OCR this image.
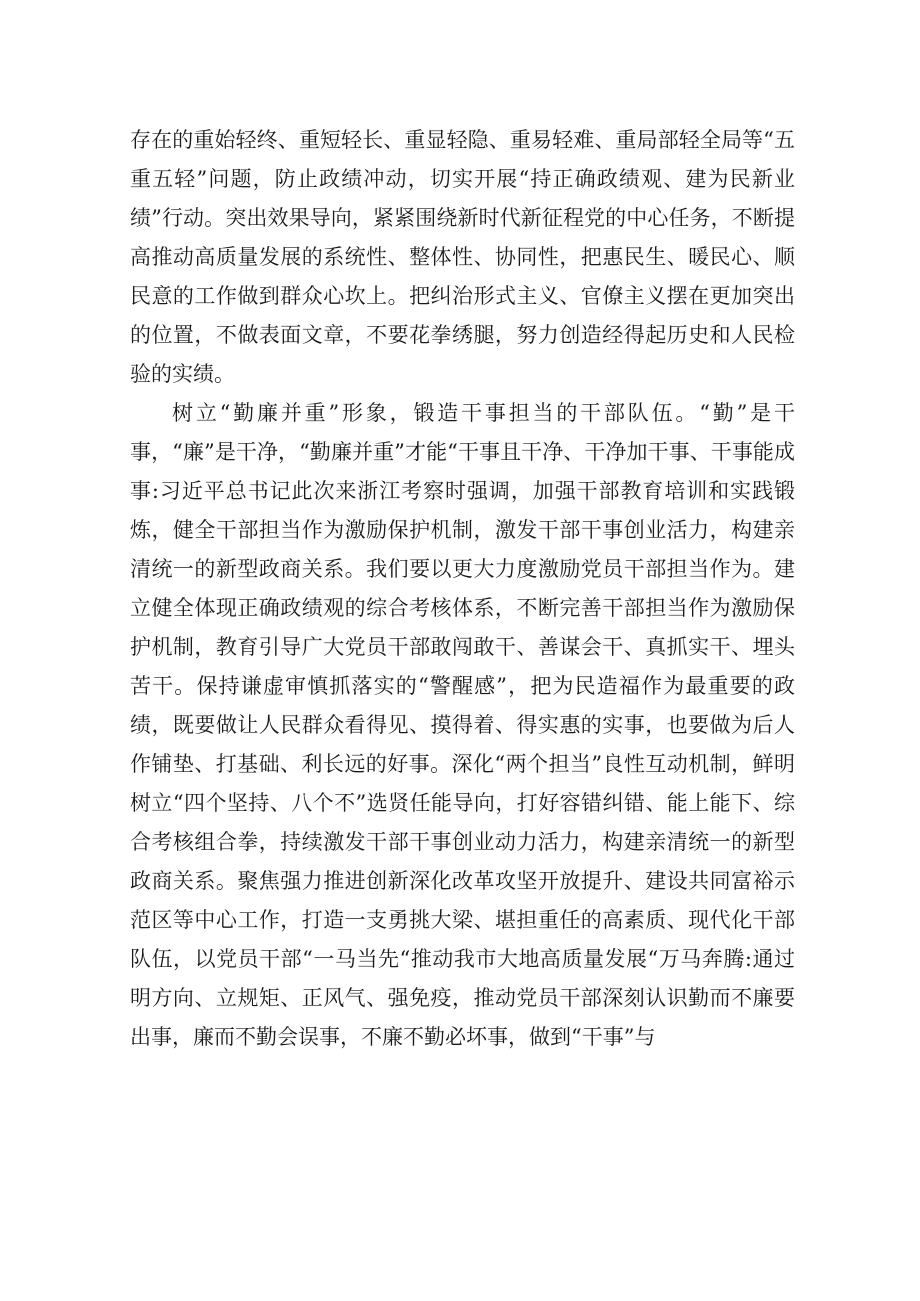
存在的重始轻终、重短轻长、重显轻隐、重易轻难、重局部轻全局等“五重五轻”问题，防止政绩冲动，切实开展“持正确政绩观、建为民新业绩”行动。突出效果导向，紧紧围绕新时代新征程党的中心任务，不断提高推动高质量发展的系统性、整体性、协同性，把惠民生、暖民心、顺民意的工作做到群众心坎上。把纠治形式主义、官僚主义摆在更加突出的位置，不做表面文章，不要花拳绣腿，努力创造经得起历史和人民检验的实绩。

树立“勤廉并重”形象，锻造干事担当的干部队伍。“勤”是干事，“廉”是干净，“勤廉并重”才能“干事且干净、干净加干事、干事能成事:习近平总书记此次来浙江考察时强调，加强干部教育培训和实践锻炼，健全干部担当作为激励保护机制，激发干部干事创业活力，构建亲清统一的新型政商关系。我们要以更大力度激励党员干部担当作为。建立健全体现正确政绩观的综合考核体系，不断完善干部担当作为激励保护机制，教育引导广大党员干部敢闯敢干、善谋会干、真抓实干、埋头苦干。保持谦虚审慎抓落实的“警醒感”，把为民造福作为最重要的政绩，既要做让人民群众看得见、摸得着、得实惠的实事，也要做为后人作铺垫、打基础、利长远的好事。深化“两个担当”良性互动机制，鲜明树立“四个坚持、八个不”选贤任能导向，打好容错纠错、能上能下、综合考核组合拳，持续激发干部干事创业动力活力，构建亲清统一的新型政商关系。聚焦强力推进创新深化改革攻坚开放提升、建设共同富裕示范区等中心工作，打造一支勇挑大梁、堪担重任的高素质、现代化干部队伍，以党员干部“一马当先“推动我市大地高质量发展“万马奔腾:通过明方向、立规矩、正风气、强免疫，推动党员干部深刻认识勤而不廉要出事，廉而不勤会误事，不廉不勤必坏事，做到“干事”与
